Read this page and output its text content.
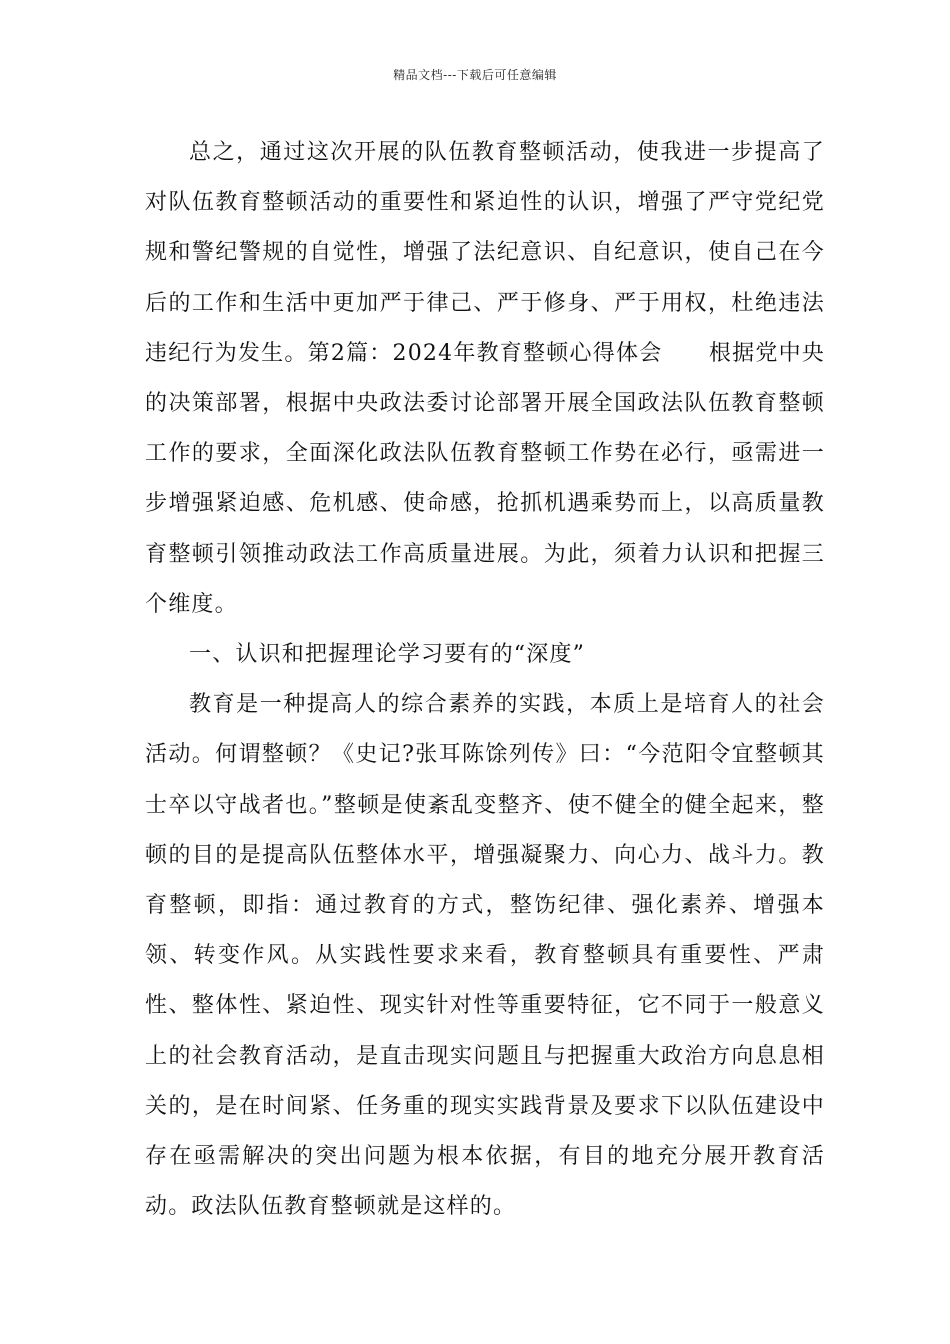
精品文档---下载后可任意编辑

总之，通过这次开展的队伍教育整顿活动，使我进一步提高了对队伍教育整顿活动的重要性和紧迫性的认识，增强了严守党纪党规和警纪警规的自觉性，增强了法纪意识、自纪意识，使自己在今后的工作和生活中更加严于律己、严于修身、严于用权，杜绝违法违纪行为发生。第2篇：2024年教育整顿心得体会　　根据党中央的决策部署，根据中央政法委讨论部署开展全国政法队伍教育整顿工作的要求，全面深化政法队伍教育整顿工作势在必行，亟需进一步增强紧迫感、危机感、使命感，抢抓机遇乘势而上，以高质量教育整顿引领推动政法工作高质量进展。为此，须着力认识和把握三个维度。

一、认识和把握理论学习要有的“深度”

教育是一种提高人的综合素养的实践，本质上是培育人的社会活动。何谓整顿？《史记?张耳陈馀列传》曰：“今范阳令宜整顿其士卒以守战者也。”整顿是使紊乱变整齐、使不健全的健全起来，整顿的目的是提高队伍整体水平，增强凝聚力、向心力、战斗力。教育整顿，即指：通过教育的方式，整饬纪律、强化素养、增强本领、转变作风。从实践性要求来看，教育整顿具有重要性、严肃性、整体性、紧迫性、现实针对性等重要特征，它不同于一般意义上的社会教育活动，是直击现实问题且与把握重大政治方向息息相关的，是在时间紧、任务重的现实实践背景及要求下以队伍建设中存在亟需解决的突出问题为根本依据，有目的地充分展开教育活动。政法队伍教育整顿就是这样的。
